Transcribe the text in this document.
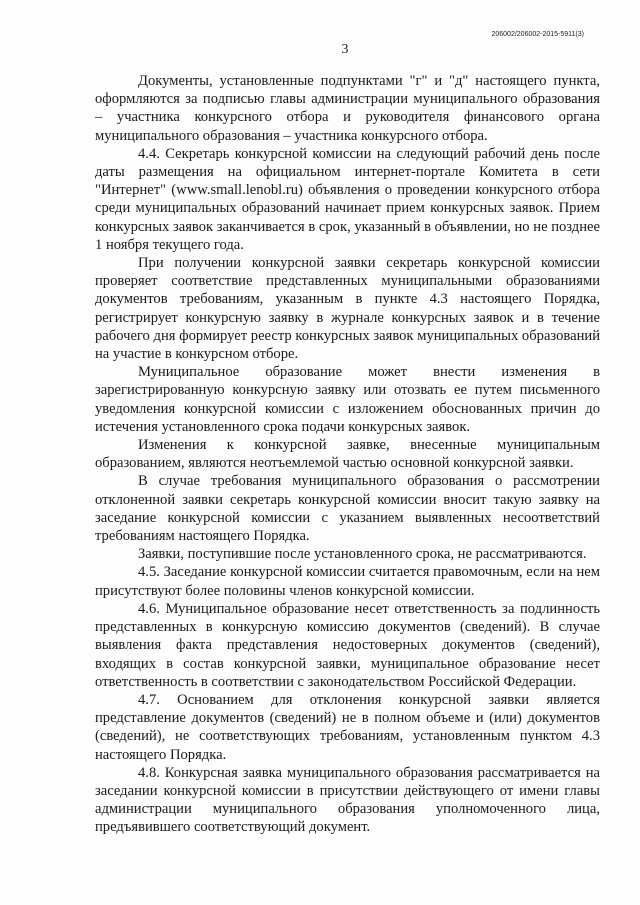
206002/206002-2015-5911(3)
3

Документы, установленные подпунктами "г" и "д" настоящего пункта, оформляются за подписью главы администрации муниципального образования – участника конкурсного отбора и руководителя финансового органа муниципального образования – участника конкурсного отбора.

4.4. Секретарь конкурсной комиссии на следующий рабочий день после даты размещения на официальном интернет-портале Комитета в сети "Интернет" (www.small.lenobl.ru) объявления о проведении конкурсного отбора среди муниципальных образований начинает прием конкурсных заявок. Прием конкурсных заявок заканчивается в срок, указанный в объявлении, но не позднее 1 ноября текущего года.

При получении конкурсной заявки секретарь конкурсной комиссии проверяет соответствие представленных муниципальными образованиями документов требованиям, указанным в пункте 4.3 настоящего Порядка, регистрирует конкурсную заявку в журнале конкурсных заявок и в течение рабочего дня формирует реестр конкурсных заявок муниципальных образований на участие в конкурсном отборе.

Муниципальное образование может внести изменения в зарегистрированную конкурсную заявку или отозвать ее путем письменного уведомления конкурсной комиссии с изложением обоснованных причин до истечения установленного срока подачи конкурсных заявок.

Изменения к конкурсной заявке, внесенные муниципальным образованием, являются неотъемлемой частью основной конкурсной заявки.

В случае требования муниципального образования о рассмотрении отклоненной заявки секретарь конкурсной комиссии вносит такую заявку на заседание конкурсной комиссии с указанием выявленных несоответствий требованиям настоящего Порядка.

Заявки, поступившие после установленного срока, не рассматриваются.

4.5. Заседание конкурсной комиссии считается правомочным, если на нем присутствуют более половины членов конкурсной комиссии.

4.6. Муниципальное образование несет ответственность за подлинность представленных в конкурсную комиссию документов (сведений). В случае выявления факта представления недостоверных документов (сведений), входящих в состав конкурсной заявки, муниципальное образование несет ответственность в соответствии с законодательством Российской Федерации.

4.7. Основанием для отклонения конкурсной заявки является представление документов (сведений) не в полном объеме и (или) документов (сведений), не соответствующих требованиям, установленным пунктом 4.3 настоящего Порядка.

4.8. Конкурсная заявка муниципального образования рассматривается на заседании конкурсной комиссии в присутствии действующего от имени главы администрации муниципального образования уполномоченного лица, предъявившего соответствующий документ.
